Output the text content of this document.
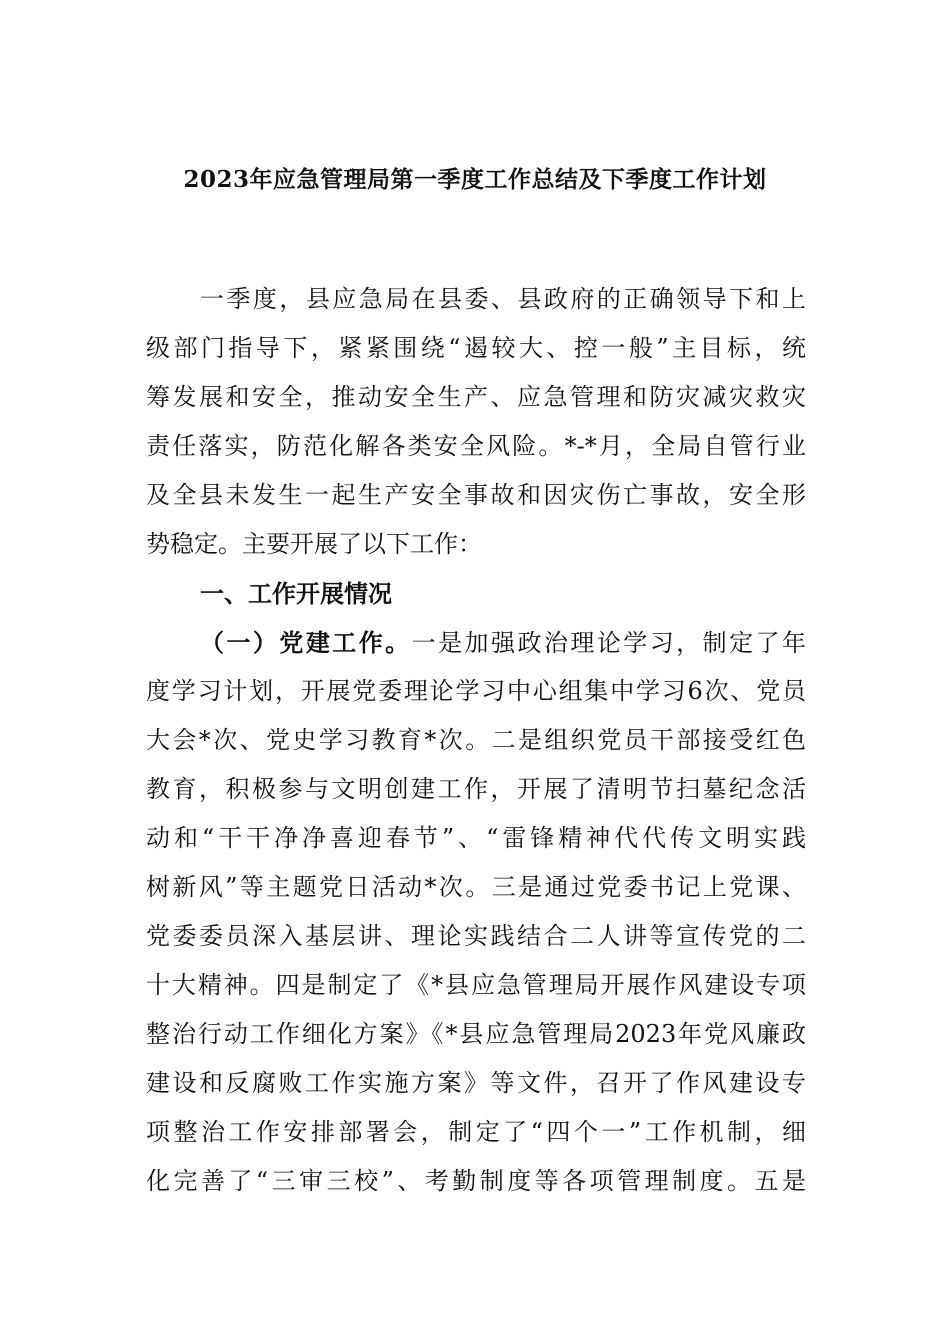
2023年应急管理局第一季度工作总结及下季度工作计划
一季度，县应急局在县委、县政府的正确领导下和上
级部门指导下，紧紧围绕“遏较大、控一般”主目标，统
筹发展和安全，推动安全生产、应急管理和防灾减灾救灾
责任落实，防范化解各类安全风险。*-*月，全局自管行业
及全县未发生一起生产安全事故和因灾伤亡事故，安全形
势稳定。主要开展了以下工作：
一、工作开展情况
（一）党建工作。一是加强政治理论学习，制定了年
度学习计划，开展党委理论学习中心组集中学习6次、党员
大会*次、党史学习教育*次。二是组织党员干部接受红色
教育，积极参与文明创建工作，开展了清明节扫墓纪念活
动和“干干净净喜迎春节”、“雷锋精神代代传文明实践
树新风”等主题党日活动*次。三是通过党委书记上党课、
党委委员深入基层讲、理论实践结合二人讲等宣传党的二
十大精神。四是制定了《*县应急管理局开展作风建设专项
整治行动工作细化方案》《*县应急管理局2023年党风廉政
建设和反腐败工作实施方案》等文件，召开了作风建设专
项整治工作安排部署会，制定了“四个一”工作机制，细
化完善了“三审三校”、考勤制度等各项管理制度。五是
